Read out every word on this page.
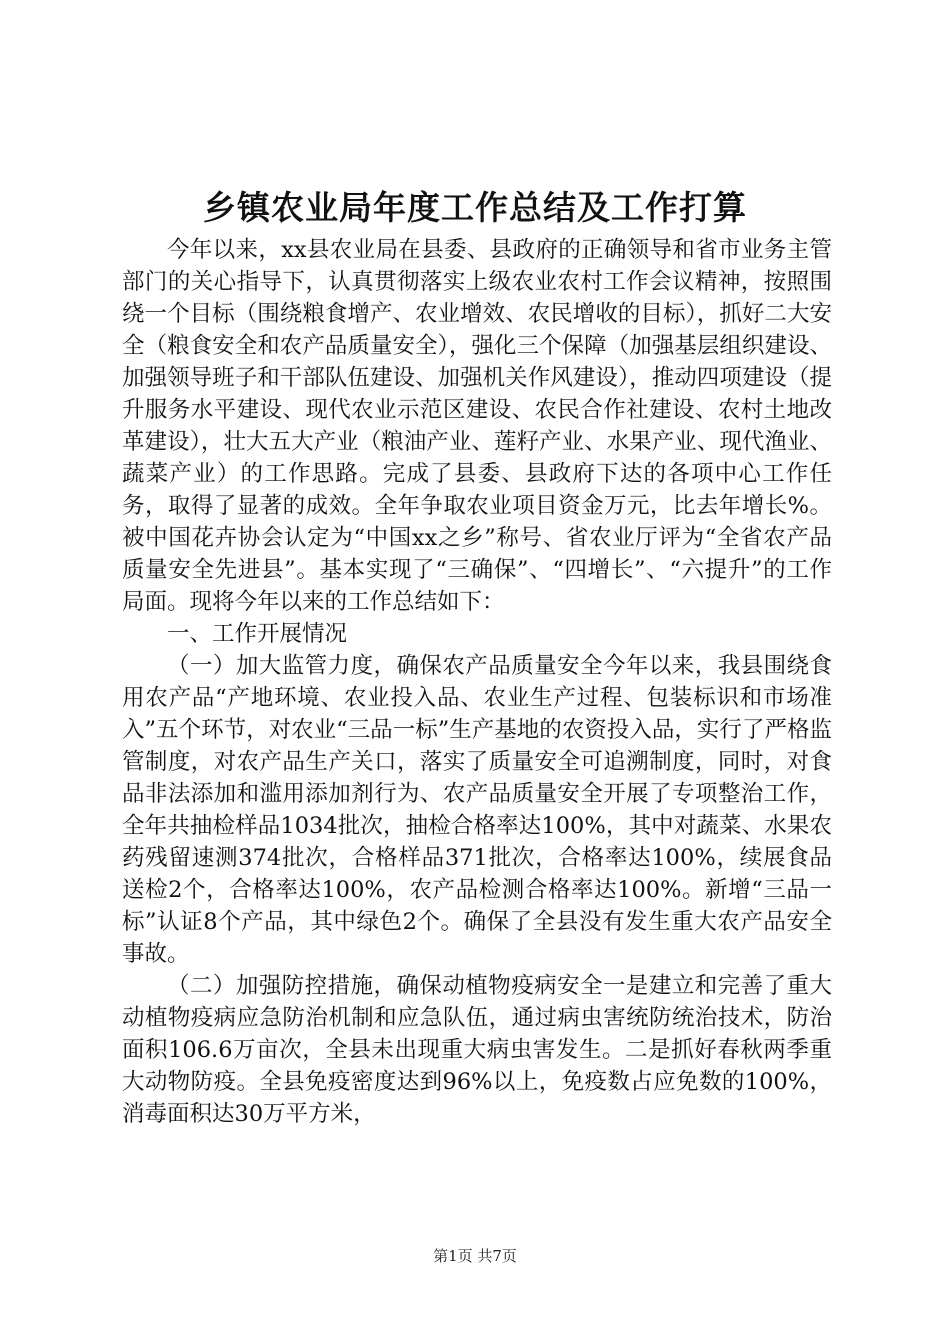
乡镇农业局年度工作总结及工作打算

今年以来，xx县农业局在县委、县政府的正确领导和省市业务主管部门的关心指导下，认真贯彻落实上级农业农村工作会议精神，按照围绕一个目标（围绕粮食增产、农业增效、农民增收的目标），抓好二大安全（粮食安全和农产品质量安全），强化三个保障（加强基层组织建设、加强领导班子和干部队伍建设、加强机关作风建设），推动四项建设（提升服务水平建设、现代农业示范区建设、农民合作社建设、农村土地改革建设），壮大五大产业（粮油产业、莲籽产业、水果产业、现代渔业、蔬菜产业）的工作思路。完成了县委、县政府下达的各项中心工作任务，取得了显著的成效。全年争取农业项目资金万元，比去年增长%。被中国花卉协会认定为“中国xx之乡”称号、省农业厅评为“全省农产品质量安全先进县”。基本实现了“三确保”、“四增长”、“六提升”的工作局面。现将今年以来的工作总结如下：

一、工作开展情况

（一）加大监管力度，确保农产品质量安全今年以来，我县围绕食用农产品“产地环境、农业投入品、农业生产过程、包装标识和市场准入”五个环节，对农业“三品一标”生产基地的农资投入品，实行了严格监管制度，对农产品生产关口，落实了质量安全可追溯制度，同时，对食品非法添加和滥用添加剂行为、农产品质量安全开展了专项整治工作，全年共抽检样品1034批次，抽检合格率达100%，其中对蔬菜、水果农药残留速测374批次，合格样品371批次，合格率达100%，续展食品送检2个，合格率达100%，农产品检测合格率达100%。新增“三品一标”认证8个产品，其中绿色2个。确保了全县没有发生重大农产品安全事故。

（二）加强防控措施，确保动植物疫病安全一是建立和完善了重大动植物疫病应急防治机制和应急队伍，通过病虫害统防统治技术，防治面积106.6万亩次，全县未出现重大病虫害发生。二是抓好春秋两季重大动物防疫。全县免疫密度达到96%以上，免疫数占应免数的100%，消毒面积达30万平方米，

第1页 共7页
